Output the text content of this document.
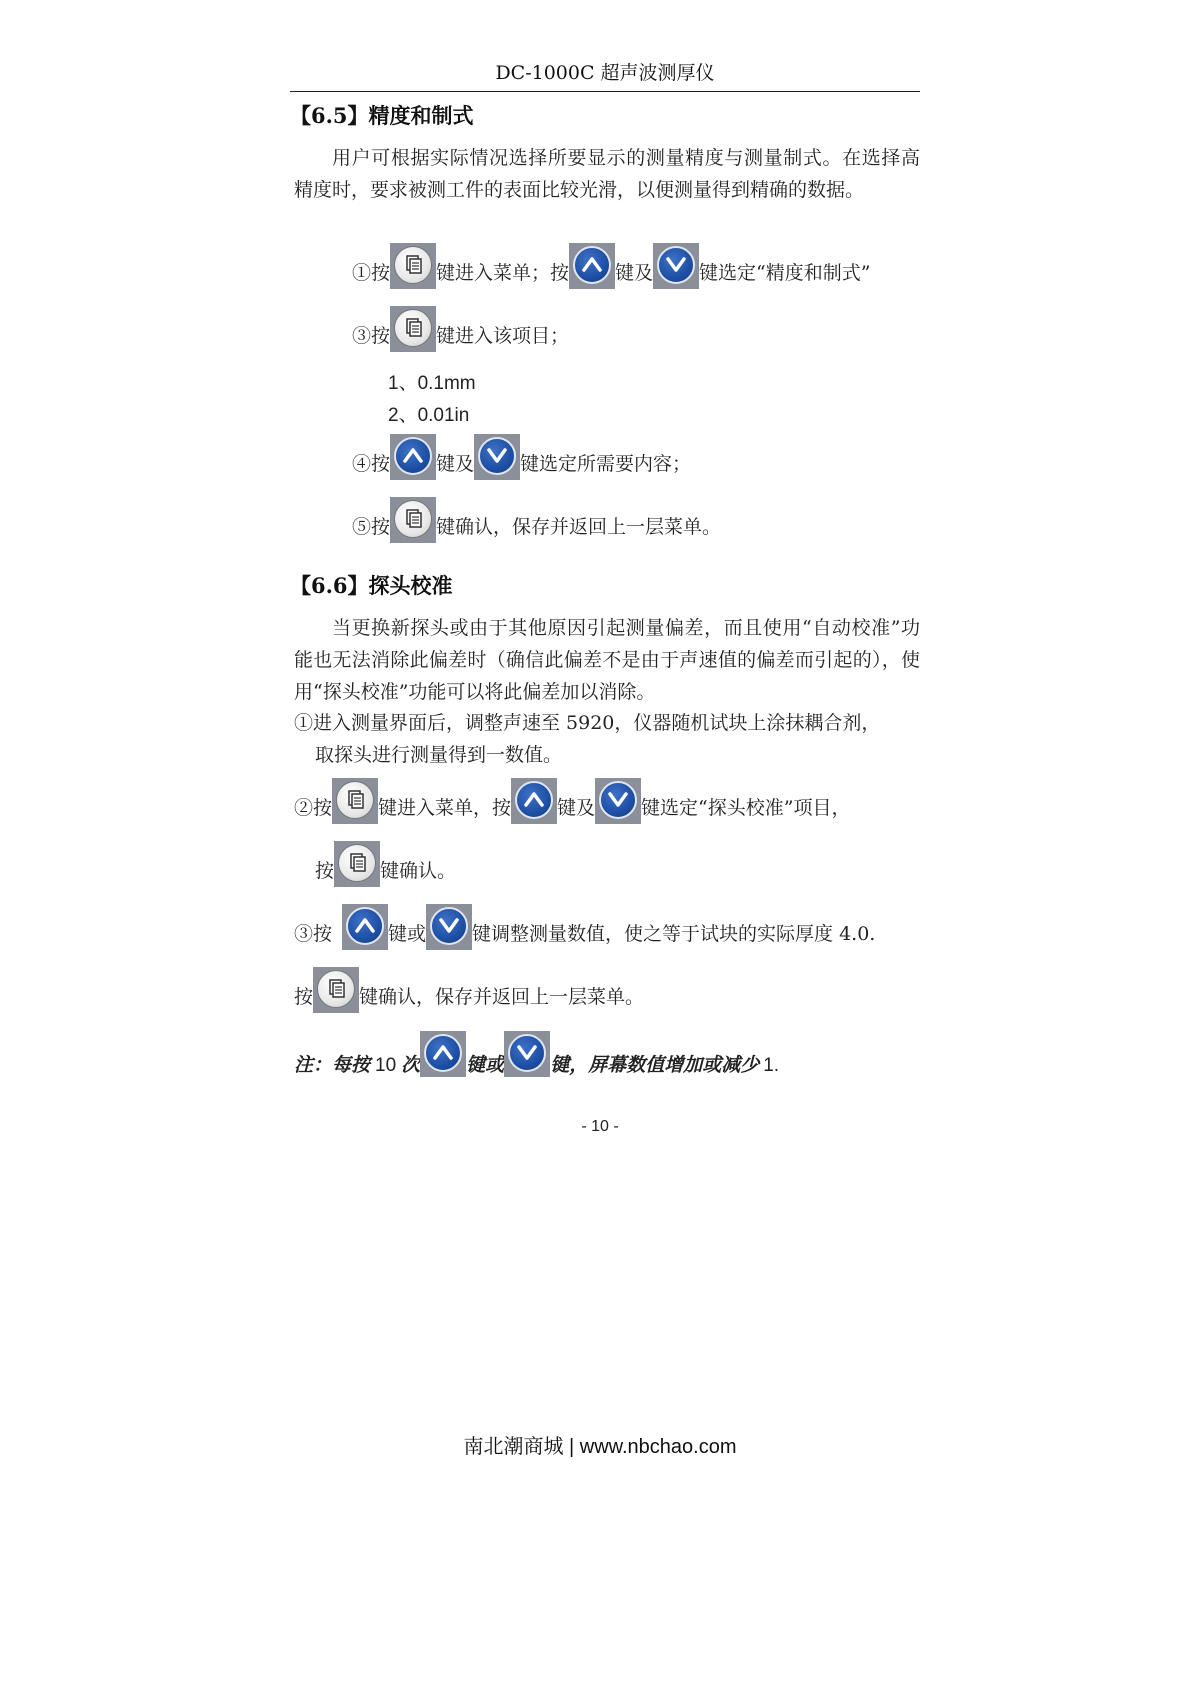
DC-1000C 超声波测厚仪
【6.5】精度和制式
用户可根据实际情况选择所要显示的测量精度与测量制式。在选择高精度时，要求被测工件的表面比较光滑，以便测量得到精确的数据。
①按 键进入菜单；按 键及 键选定“精度和制式”
③按 键进入该项目；
1、0.1mm
2、0.01in
④按 键及 键选定所需要内容；
⑤按 键确认，保存并返回上一层菜单。
【6.6】探头校准
当更换新探头或由于其他原因引起测量偏差，而且使用“自动校准”功能也无法消除此偏差时（确信此偏差不是由于声速值的偏差而引起的），使用“探头校准”功能可以将此偏差加以消除。
①进入测量界面后，调整声速至 5920，仪器随机试块上涂抹耦合剂，
取探头进行测量得到一数值。
②按 键进入菜单，按 键及 键选定“探头校准”项目，
按 键确认。
③按	键或 键调整测量数值，使之等于试块的实际厚度 4.0.
按 键确认，保存并返回上一层菜单。
注：每按 10 次 键或 键，屏幕数值增加或减少 1.
- 10 -
南北潮商城 | www.nbchao.com
